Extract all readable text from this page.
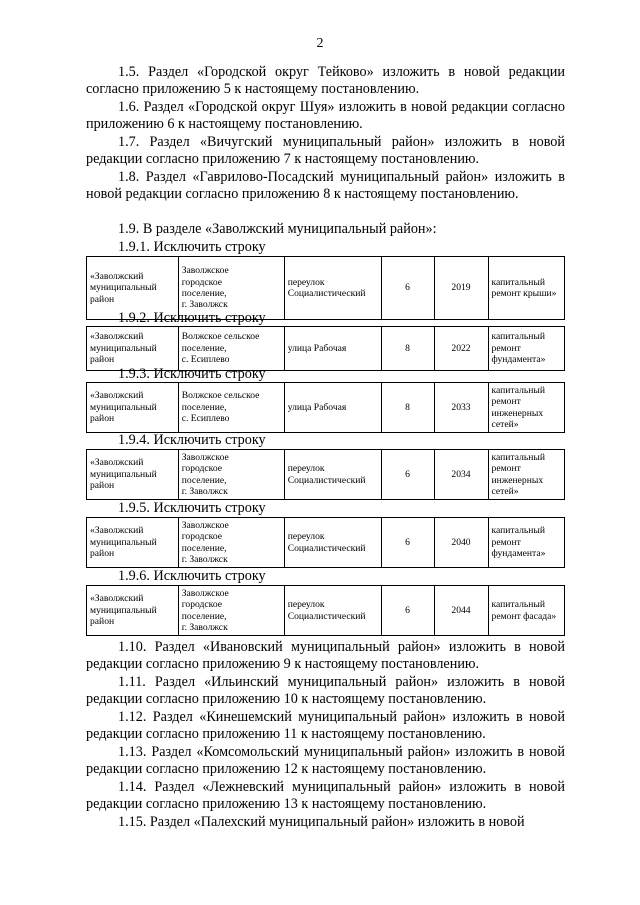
2

1.5. Раздел «Городской округ Тейково» изложить в новой редакции согласно приложению 5 к настоящему постановлению.

1.6. Раздел «Городской округ Шуя» изложить в новой редакции согласно приложению 6 к настоящему постановлению.

1.7. Раздел «Вичугский муниципальный район» изложить в новой редакции согласно приложению 7 к настоящему постановлению.

1.8. Раздел «Гаврилово-Посадский муниципальный район» изложить в новой редакции согласно приложению 8 к настоящему постановлению.

1.9. В разделе «Заволжский муниципальный район»:

1.9.1. Исключить строку
«Заволжский
муниципальный
район	Заволжское
городское
поселение,
г. Заволжск	переулок
Социалистический	6	2019	капитальный
ремонт крыши»
1.9.2. Исключить строку
«Заволжский
муниципальный
район	Волжское сельское
поселение,
с. Есиплево	улица Рабочая	8	2022	капитальный
ремонт
фундамента»
1.9.3. Исключить строку
«Заволжский
муниципальный
район	Волжское сельское
поселение,
с. Есиплево	улица Рабочая	8	2033	капитальный
ремонт
инженерных
сетей»
1.9.4. Исключить строку
«Заволжский
муниципальный
район	Заволжское
городское
поселение,
г. Заволжск	переулок
Социалистический	6	2034	капитальный
ремонт
инженерных
сетей»
1.9.5. Исключить строку
«Заволжский
муниципальный
район	Заволжское
городское
поселение,
г. Заволжск	переулок
Социалистический	6	2040	капитальный
ремонт
фундамента»
1.9.6. Исключить строку
«Заволжский
муниципальный
район	Заволжское
городское
поселение,
г. Заволжск	переулок
Социалистический	6	2044	капитальный
ремонт фасада»

1.10. Раздел «Ивановский муниципальный район» изложить в новой редакции согласно приложению 9 к настоящему постановлению.

1.11. Раздел «Ильинский муниципальный район» изложить в новой редакции согласно приложению 10 к настоящему постановлению.

1.12. Раздел «Кинешемский муниципальный район» изложить в новой редакции согласно приложению 11 к настоящему постановлению.

1.13. Раздел «Комсомольский муниципальный район» изложить в новой редакции согласно приложению 12 к настоящему постановлению.

1.14. Раздел «Лежневский муниципальный район» изложить в новой редакции согласно приложению 13 к настоящему постановлению.

1.15. Раздел «Палехский муниципальный район» изложить в новой
